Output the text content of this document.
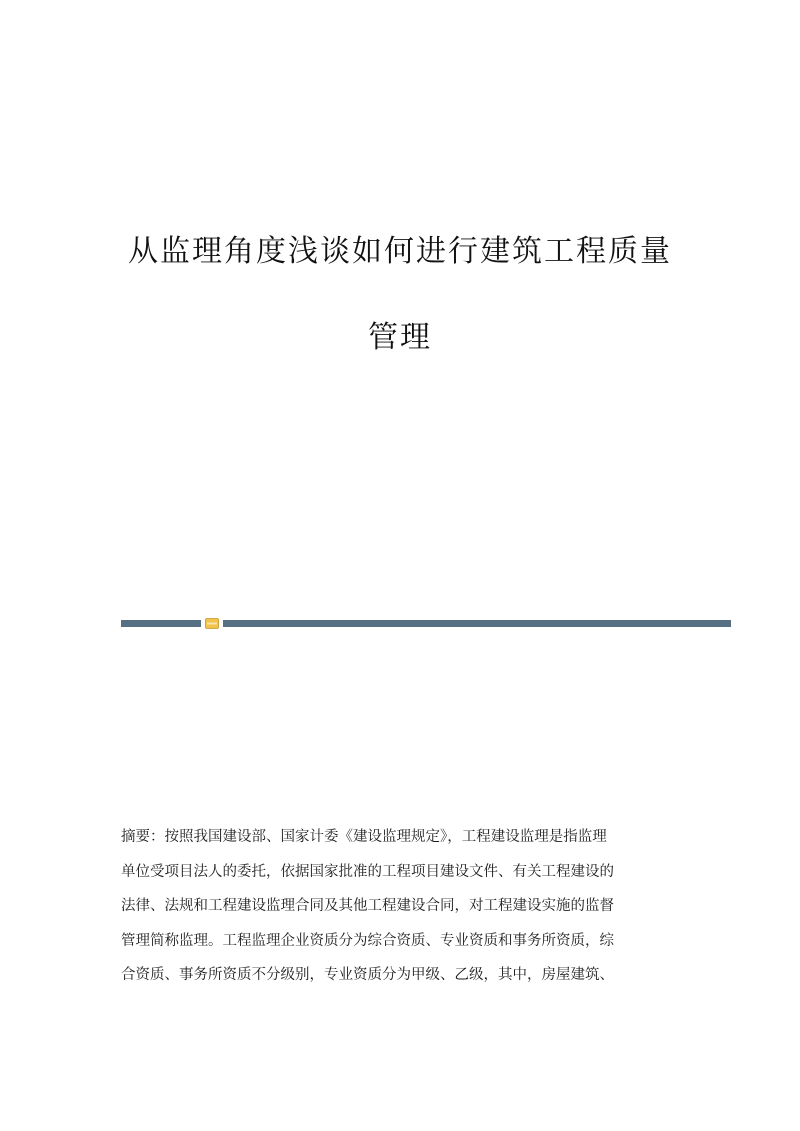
从监理角度浅谈如何进行建筑工程质量
管理
摘要：按照我国建设部、国家计委《建设监理规定》，工程建设监理是指监理
单位受项目法人的委托，依据国家批准的工程项目建设文件、有关工程建设的
法律、法规和工程建设监理合同及其他工程建设合同，对工程建设实施的监督
管理简称监理。工程监理企业资质分为综合资质、专业资质和事务所资质，综
合资质、事务所资质不分级别，专业资质分为甲级、乙级，其中，房屋建筑、
